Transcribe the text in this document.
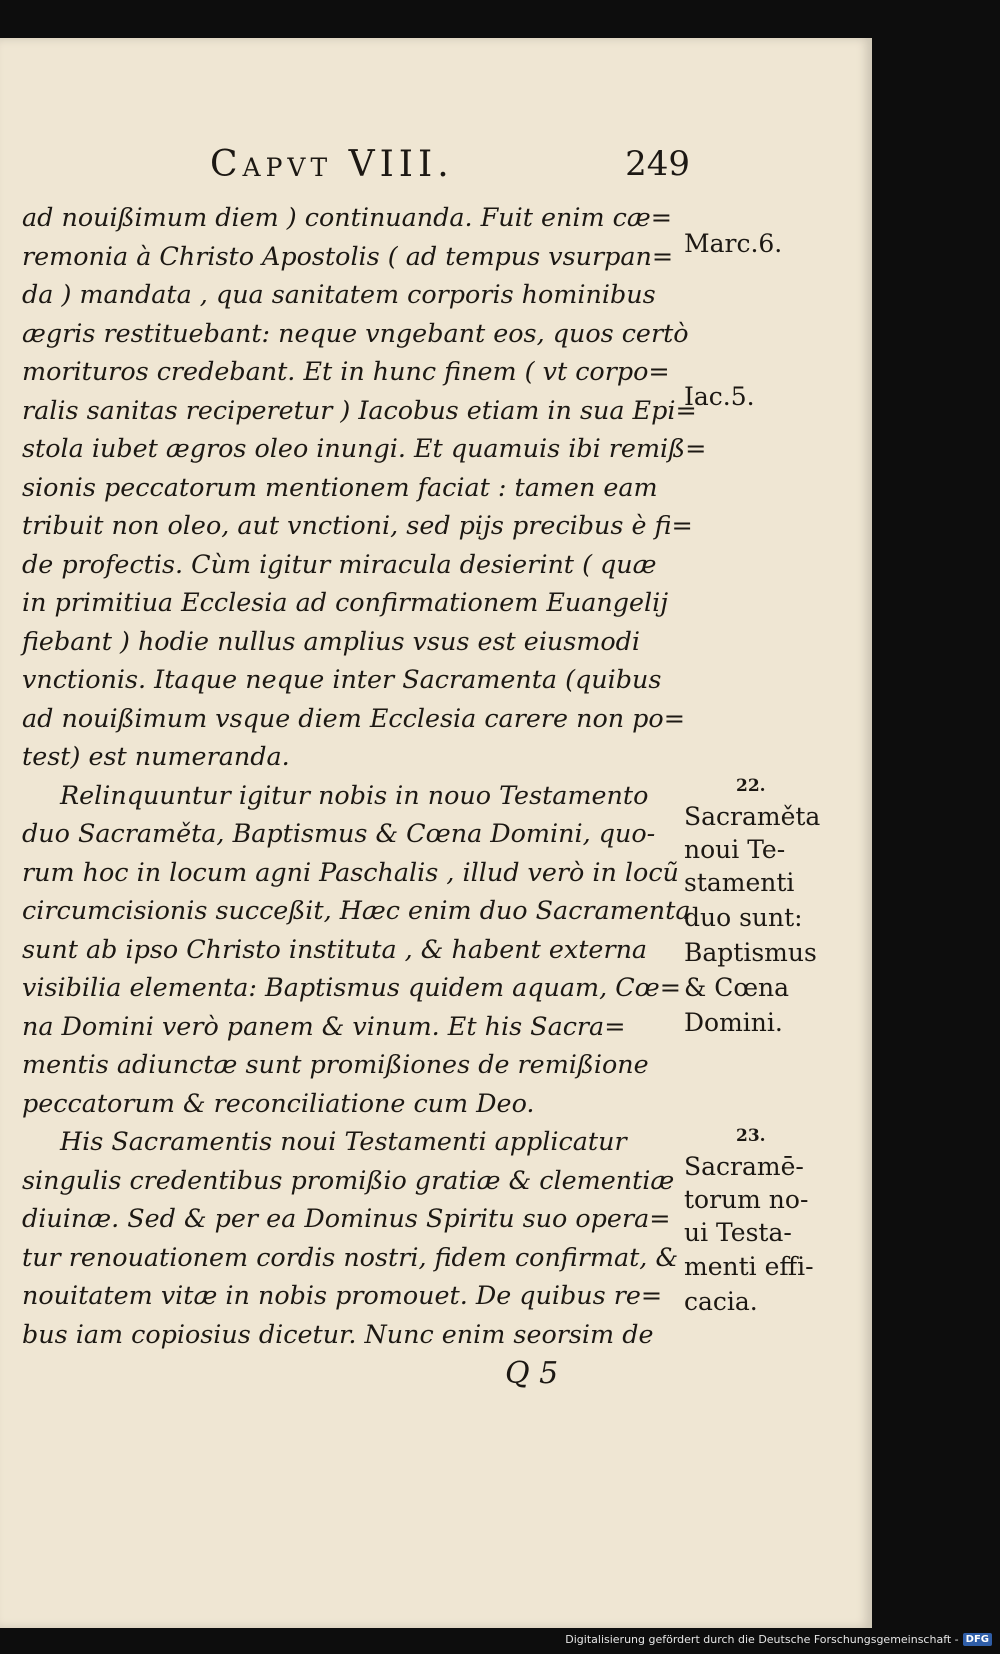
Capvt VIII.	249
ad nouißimum diem ) continuanda. Fuit enim cæ=
remonia à Christo Apostolis ( ad tempus vsurpan=
da ) mandata , qua sanitatem corporis hominibus
ægris restituebant: neque vngebant eos, quos certò
morituros credebant. Et in hunc finem ( vt corpo=
ralis sanitas reciperetur ) Iacobus etiam in sua Epi=
stola iubet ægros oleo inungi. Et quamuis ibi remiß=
sionis peccatorum mentionem faciat : tamen eam
tribuit non oleo, aut vnctioni, sed pijs precibus è fi=
de profectis. Cùm igitur miracula desierint ( quæ
in primitiua Ecclesia ad confirmationem Euangelij
fiebant ) hodie nullus amplius vsus est eiusmodi
vnctionis. Itaque neque inter Sacramenta (quibus
ad nouißimum vsque diem Ecclesia carere non po=
test) est numeranda.
Relinquuntur igitur nobis in nouo Testamento
duo Sacraměta, Baptismus & Cœna Domini, quo-
rum hoc in locum agni Paschalis , illud verò in locũ
circumcisionis succeßit, Hæc enim duo Sacramenta
sunt ab ipso Christo instituta , & habent externa
visibilia elementa: Baptismus quidem aquam, Cœ=
na Domini verò panem & vinum. Et his Sacra=
mentis adiunctæ sunt promißiones de remißione
peccatorum & reconciliatione cum Deo.
His Sacramentis noui Testamenti applicatur
singulis credentibus promißio gratiæ & clementiæ
diuinæ. Sed & per ea Dominus Spiritu suo opera=
tur renouationem cordis nostri, fidem confirmat, &
nouitatem vitæ in nobis promouet. De quibus re=
bus iam copiosius dicetur. Nunc enim seorsim de
Marc.6.
Iac.5.
22.
Sacraměta
noui Te-
stamenti
duo sunt:
Baptismus
& Cœna
Domini.
23.
Sacramē-
torum no-
ui Testa-
menti effi-
cacia.
Q 5
Digitalisierung gefördert durch die Deutsche Forschungsgemeinschaft - DFG
